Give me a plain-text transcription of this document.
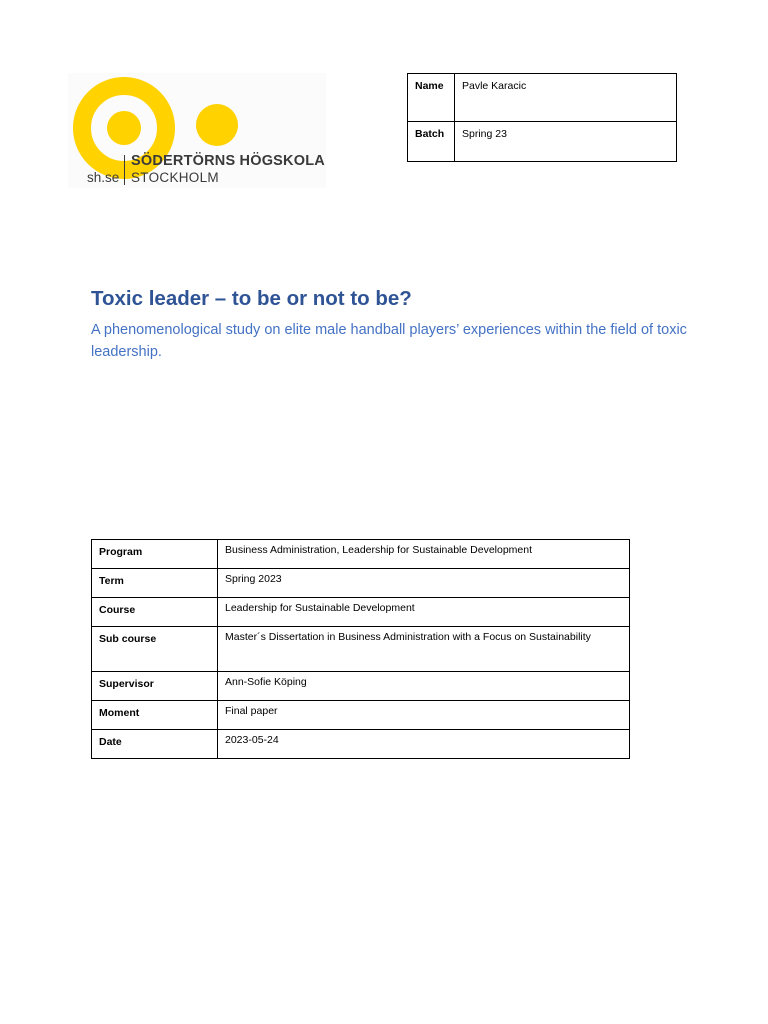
SÖDERTÖRNS HÖGSKOLA
sh.se STOCKHOLM
Name	Pavle Karacic
Batch	Spring 23
Toxic leader – to be or not to be?

A phenomenological study on elite male handball players’ experiences within the field of toxic leadership.

Program	Business Administration, Leadership for Sustainable Development
Term	Spring 2023
Course	Leadership for Sustainable Development
Sub course	Master´s Dissertation in Business Administration with a Focus on Sustainability
Supervisor	Ann-Sofie Köping
Moment	Final paper
Date	2023-05-24
